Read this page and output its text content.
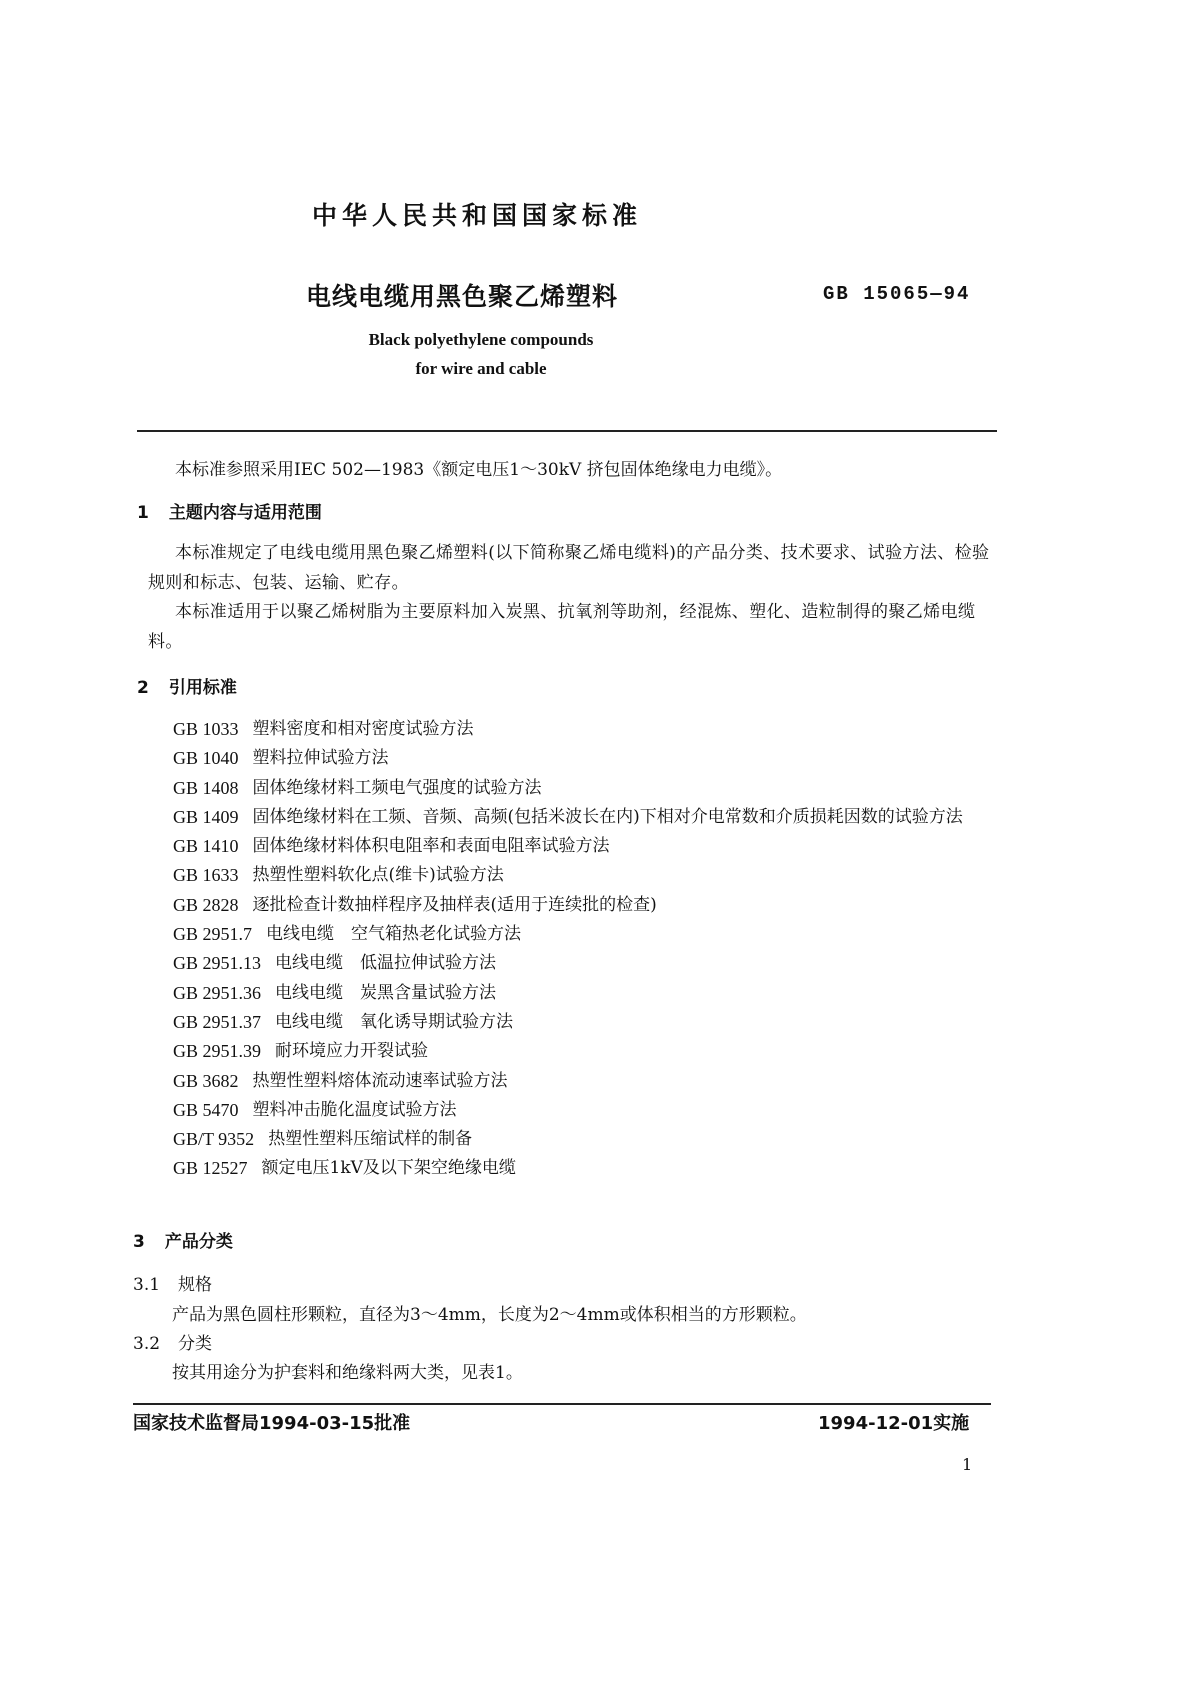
中华人民共和国国家标准
电线电缆用黑色聚乙烯塑料	GB 15065—94
Black polyethylene compounds
for wire and cable
本标准参照采用IEC 502—1983《额定电压1～30kV 挤包固体绝缘电力电缆》。
1 主题内容与适用范围
本标准规定了电线电缆用黑色聚乙烯塑料(以下简称聚乙烯电缆料)的产品分类、技术要求、试验方法、检验规则和标志、包装、运输、贮存。
本标准适用于以聚乙烯树脂为主要原料加入炭黑、抗氧剂等助剂，经混炼、塑化、造粒制得的聚乙烯电缆料。
2 引用标准
GB 1033 塑料密度和相对密度试验方法
GB 1040 塑料拉伸试验方法
GB 1408 固体绝缘材料工频电气强度的试验方法
GB 1409 固体绝缘材料在工频、音频、高频(包括米波长在内)下相对介电常数和介质损耗因数的试验方法
GB 1410 固体绝缘材料体积电阻率和表面电阻率试验方法
GB 1633 热塑性塑料软化点(维卡)试验方法
GB 2828 逐批检查计数抽样程序及抽样表(适用于连续批的检查)
GB 2951.7 电线电缆　空气箱热老化试验方法
GB 2951.13 电线电缆　低温拉伸试验方法
GB 2951.36 电线电缆　炭黑含量试验方法
GB 2951.37 电线电缆　氧化诱导期试验方法
GB 2951.39 耐环境应力开裂试验
GB 3682 热塑性塑料熔体流动速率试验方法
GB 5470 塑料冲击脆化温度试验方法
GB/T 9352 热塑性塑料压缩试样的制备
GB 12527 额定电压1kV及以下架空绝缘电缆
3 产品分类
3.1 规格
产品为黑色圆柱形颗粒，直径为3～4mm，长度为2～4mm或体积相当的方形颗粒。
3.2 分类
按其用途分为护套料和绝缘料两大类，见表1。
国家技术监督局1994-03-15批准	1994-12-01实施
1
